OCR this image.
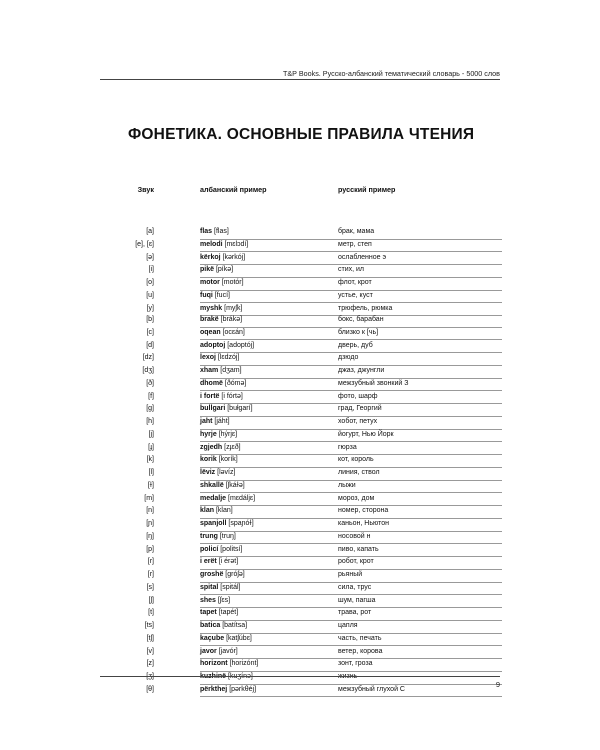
T&P Books. Русско-албанский тематический словарь - 5000 слов
ФОНЕТИКА. ОСНОВНЫЕ ПРАВИЛА ЧТЕНИЯ
Звук	албанский пример	русский пример
[a]	flas [flas]	брак, мама
[e], [ɛ]	melodi [mɛlɔdí]	метр, степ
[ə]	kërkoj [kərkój]	ослабленное э
[i]	pikë [píkə]	стих, ил
[o]	motor [motór]	флот, крот
[u]	fuqi [fucí]	устье, куст
[y]	myshk [myʃk]	трюфель, рюмка
[b]	brakë [brákə]	бокс, барабан
[c]	oqean [ocɛán]	близко к [чь]
[d]	adoptoj [adoptój]	дверь, дуб
[dz]	lexoj [lɛdzój]	дзюдо
[dʒ]	xham [dʒam]	джаз, джунгли
[ð]	dhomë [ðómə]	межзубный звонкий З
[f]	i fortë [i fórtə]	фото, шарф
[g]	bullgari [bułgarí]	град, Георгий
[h]	jaht [jáht]	хобот, петух
[j]	hyrje [hýrjɛ]	йогурт, Нью Йорк
[ɟ]	zgjedh [zɟɛð]	гюрза
[k]	korik [korík]	кот, король
[l]	lëviz [ləvíz]	линия, ствол
[ɫ]	shkallë [ʃkáɫə]	лыжи
[m]	medalje [mɛdáljɛ]	мороз, дом
[n]	klan [klan]	номер, сторона
[ɲ]	spanjoll [spaɲóɫ]	каньон, Ньютон
[ŋ]	trung [truŋ]	носовой н
[p]	policí [politsí]	пиво, капать
[r]	i erët [i érət]	робот, крот
[r]	groshë [gróʃə]	рьяный
[s]	spital [spitál]	сила, трус
[ʃ]	shes [ʃɛs]	шум, пагша
[t]	tapet [tapét]	трава, рот
[ts]	batica [batítsa]	цапля
[tʃ]	kaçube [katʃúbɛ]	часть, печать
[v]	javor [javór]	ветер, корова
[z]	horizont [horizónt]	зонт, гроза
[ʒ]	kuzhinë [kuʒínə]	жизнь
[θ]	përkthej [pərkθéj]	межзубный глухой С
9
